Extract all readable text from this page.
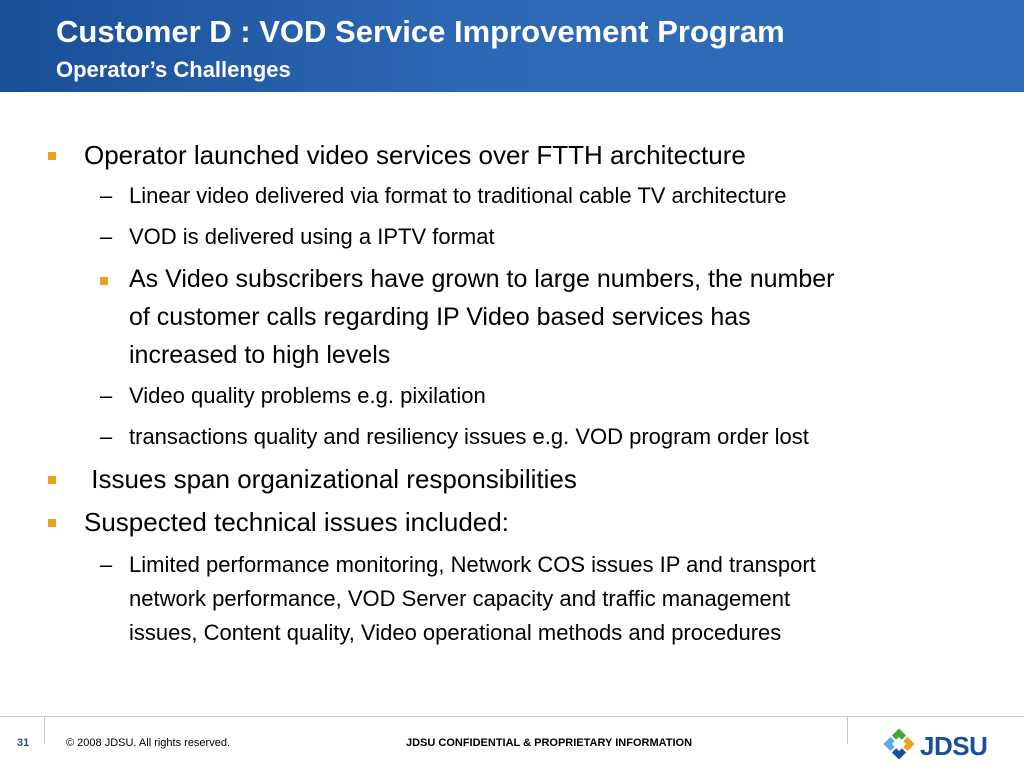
Customer D : VOD Service Improvement Program
Operator’s Challenges
Operator launched video services over FTTH architecture
– Linear video delivered via format to traditional cable TV architecture
– VOD is delivered using a IPTV format
As Video subscribers have grown to large numbers, the number
of customer calls regarding IP Video based services has
increased to high levels
– Video quality problems e.g. pixilation
– transactions quality and resiliency issues e.g. VOD program order lost
Issues span organizational responsibilities
Suspected technical issues included:
– Limited performance monitoring, Network COS issues IP and transport
network performance, VOD Server capacity and traffic management
issues, Content quality, Video operational methods and procedures
31	© 2008 JDSU. All rights reserved.	JDSU CONFIDENTIAL & PROPRIETARY INFORMATION	JDSU
